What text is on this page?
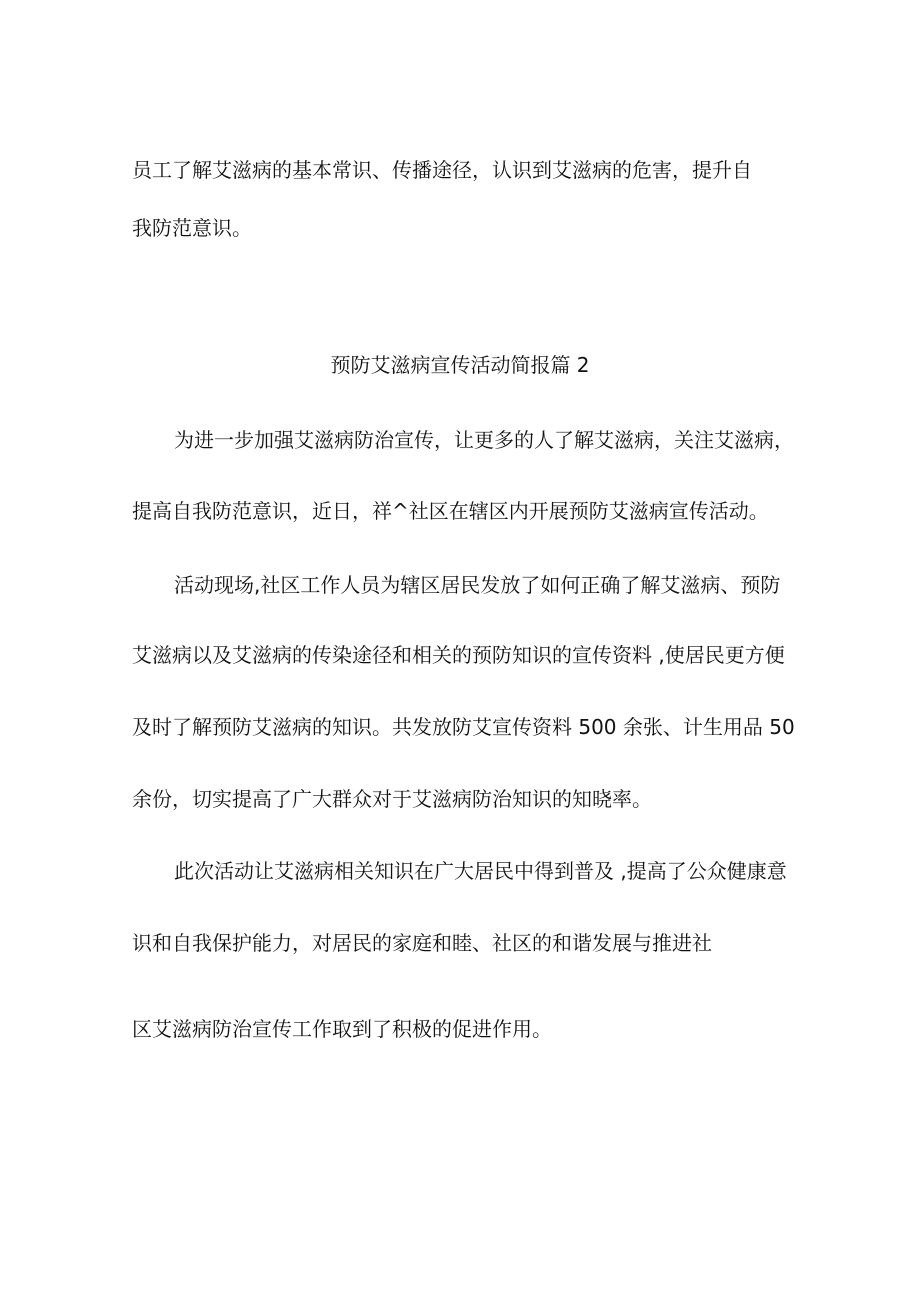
员工了解艾滋病的基本常识、传播途径，认识到艾滋病的危害，提升自
我防范意识。
预防艾滋病宣传活动简报篇 2
为进一步加强艾滋病防治宣传，让更多的人了解艾滋病，关注艾滋病，
提高自我防范意识，近日，祥^社区在辖区内开展预防艾滋病宣传活动。
活动现场,社区工作人员为辖区居民发放了如何正确了解艾滋病、预防
艾滋病以及艾滋病的传染途径和相关的预防知识的宣传资料 ,使居民更方便
及时了解预防艾滋病的知识。共发放防艾宣传资料 500 余张、计生用品 50
余份，切实提高了广大群众对于艾滋病防治知识的知晓率。
此次活动让艾滋病相关知识在广大居民中得到普及 ,提高了公众健康意
识和自我保护能力，对居民的家庭和睦、社区的和谐发展与推进社
区艾滋病防治宣传工作取到了积极的促进作用。
